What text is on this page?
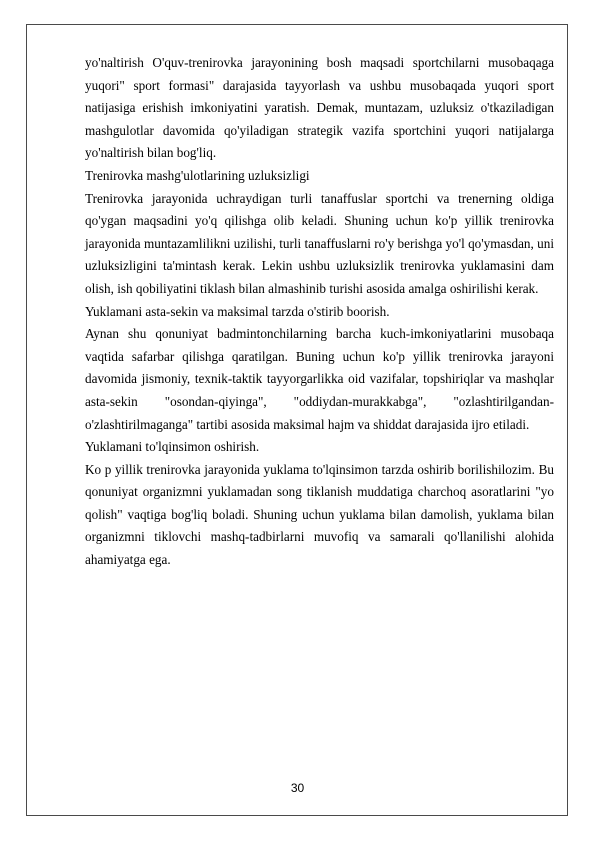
yo'naltirish O'quv-trenirovka jarayonining bosh maqsadi sportchilarni musobaqaga yuqori" sport formasi" darajasida tayyorlash va ushbu musobaqada yuqori sport natijasiga erishish imkoniyatini yaratish. Demak, muntazam, uzluksiz o'tkaziladigan mashgulotlar davomida qo'yiladigan strategik vazifa sportchini yuqori natijalarga yo'naltirish bilan bog'liq.

Trenirovka mashg'ulotlarining uzluksizligi

Trenirovka jarayonida uchraydigan turli tanaffuslar sportchi va trenerning oldiga qo'ygan maqsadini yo'q qilishga olib keladi. Shuning uchun ko'p yillik trenirovka jarayonida muntazamlilikni uzilishi, turli tanaffuslarni ro'y berishga yo'l qo'ymasdan, uni uzluksizligini ta'mintash kerak. Lekin ushbu uzluksizlik trenirovka yuklamasini dam olish, ish qobiliyatini tiklash bilan almashinib turishi asosida amalga oshirilishi kerak.

Yuklamani asta-sekin va maksimal tarzda o'stirib boorish.

Aynan shu qonuniyat badmintonchilarning barcha kuch-imkoniyatlarini musobaqa vaqtida safarbar qilishga qaratilgan. Buning uchun ko'p yillik trenirovka jarayoni davomida jismoniy, texnik-taktik tayyorgarlikka oid vazifalar, topshiriqlar va mashqlar asta-sekin "osondan-qiyinga", "oddiydan-murakkabga", "ozlashtirilgandan-o'zlashtirilmaganga" tartibi asosida maksimal hajm va shiddat darajasida ijro etiladi.

Yuklamani to'lqinsimon oshirish.

Ko p yillik trenirovka jarayonida yuklama to'lqinsimon tarzda oshirib borilishilozim. Bu qonuniyat organizmni yuklamadan song tiklanish muddatiga charchoq asoratlarini "yo qolish" vaqtiga bog'liq boladi. Shuning uchun yuklama bilan damolish, yuklama bilan organizmni tiklovchi mashq-tadbirlarni muvofiq va samarali qo'llanilishi alohida ahamiyatga ega.

30
